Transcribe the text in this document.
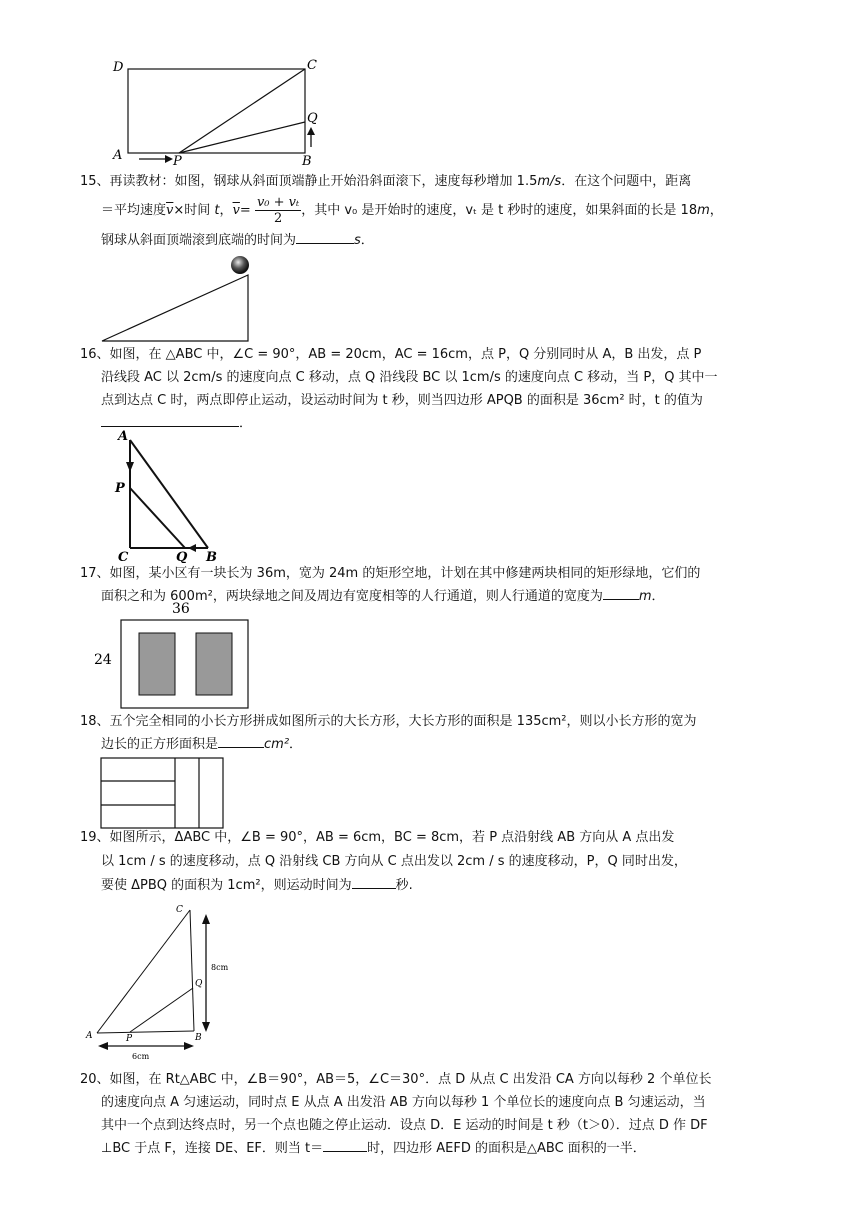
D	C
A	P	B
Q
15、再读教材：如图，钢球从斜面顶端静止开始沿斜面滚下，速度每秒增加 1.5m/s．在这个问题中，距离
＝平均速度$\overline{v}\times$时间 t，$\overline{v}= \frac{\text{v₀ + vₜ}}{2}$ ，其中 v₀ 是开始时的速度，vₜ 是 t 秒时的速度，如果斜面的长是 18m，
钢球从斜面顶端滚到底端的时间为	s．
16、如图，在 △ABC 中，∠C = 90°，AB = 20cm，AC = 16cm，点 P，Q 分别同时从 A，B 出发，点 P
沿线段 AC 以 2cm/s 的速度向点 C 移动，点 Q 沿线段 BC 以 1cm/s 的速度向点 C 移动，当 P，Q 其中一
点到达点 C 时，两点即停止运动，设运动时间为 t 秒，则当四边形 APQB 的面积是 36cm² 时，t 的值为
．
A
P
C	Q B
17、如图，某小区有一块长为 36m，宽为 24m 的矩形空地，计划在其中修建两块相同的矩形绿地，它们的
面积之和为 600m²，两块绿地之间及周边有宽度相等的人行通道，则人行通道的宽度为	m．
36
24
18、五个完全相同的小长方形拼成如图所示的大长方形，大长方形的面积是 135cm²，则以小长方形的宽为
边长的正方形面积是	cm²．
19、如图所示，ΔABC 中，∠B = 90°，AB = 6cm，BC = 8cm，若 P 点沿射线 AB 方向从 A 点出发
以 1cm / s 的速度移动，点 Q 沿射线 CB 方向从 C 点出发以 2cm / s 的速度移动，P，Q 同时出发，
要使 ΔPBQ 的面积为 1cm²，则运动时间为	秒.
C
Q
A	P	B
8cm
6cm
20、如图，在 Rt△ABC 中，∠B＝90°，AB＝5，∠C＝30°．点 D 从点 C 出发沿 CA 方向以每秒 2 个单位长
的速度向点 A 匀速运动，同时点 E 从点 A 出发沿 AB 方向以每秒 1 个单位长的速度向点 B 匀速运动，当
其中一个点到达终点时，另一个点也随之停止运动．设点 D．E 运动的时间是 t 秒（t＞0）．过点 D 作 DF
⊥BC 于点 F，连接 DE、EF．则当 t＝	时，四边形 AEFD 的面积是△ABC 面积的一半．
